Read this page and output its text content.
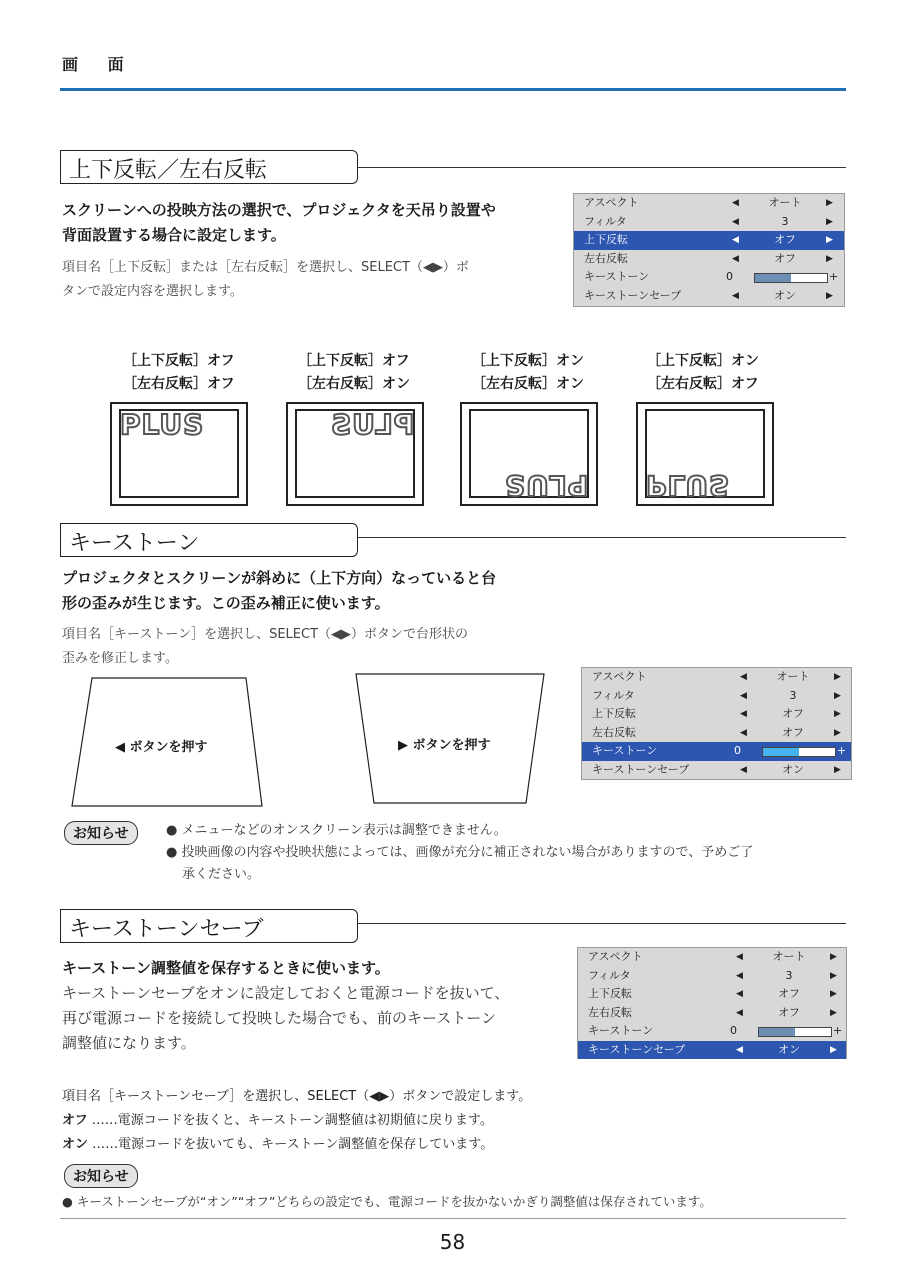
画 面
上下反転／左右反転
スクリーンへの投映方法の選択で、プロジェクタを天吊り設置や
背面設置する場合に設定します。
項目名［上下反転］または［左右反転］を選択し、SELECT（◀▶）ボ
タンで設定内容を選択します。
アスペクト	◀	オート	▶
フィルタ	◀	3	▶
上下反転	◀	オフ	▶
左右反転	◀	オフ	▶
キーストーン	0	+
キーストーンセーブ	◀	オン	▶
［上下反転］オフ
［左右反転］オフ
［上下反転］オフ
［左右反転］オン
［上下反転］オン
［左右反転］オン
［上下反転］オン
［左右反転］オフ
PLUS	PLUS
PLUS PLUS
キーストーン
プロジェクタとスクリーンが斜めに（上下方向）なっていると台
形の歪みが生じます。この歪み補正に使います。
項目名［キーストーン］を選択し、SELECT（◀▶）ボタンで台形状の
歪みを修正します。
◀ ボタンを押す	▶ ボタンを押す
アスペクト	◀	オート	▶
フィルタ	◀	3	▶
上下反転	◀	オフ	▶
左右反転	◀	オフ	▶
キーストーン	0	+
キーストーンセーブ	◀	オン	▶
お知らせ	● メニューなどのオンスクリーン表示は調整できません。
● 投映画像の内容や投映状態によっては、画像が充分に補正されない場合がありますので、予めご了
承ください。
キーストーンセーブ
キーストーン調整値を保存するときに使います。
キーストーンセーブをオンに設定しておくと電源コードを抜いて、
再び電源コードを接続して投映した場合でも、前のキーストーン
調整値になります。
アスペクト	◀	オート	▶
フィルタ	◀	3	▶
上下反転	◀	オフ	▶
左右反転	◀	オフ	▶
キーストーン	0	+
キーストーンセーブ	◀	オン	▶
項目名［キーストーンセーブ］を選択し、SELECT（◀▶）ボタンで設定します。
オフ ……電源コードを抜くと、キーストーン調整値は初期値に戻ります。
オン ……電源コードを抜いても、キーストーン調整値を保存しています。
お知らせ
● キーストーンセーブが“オン”“オフ”どちらの設定でも、電源コードを抜かないかぎり調整値は保存されています。
58
